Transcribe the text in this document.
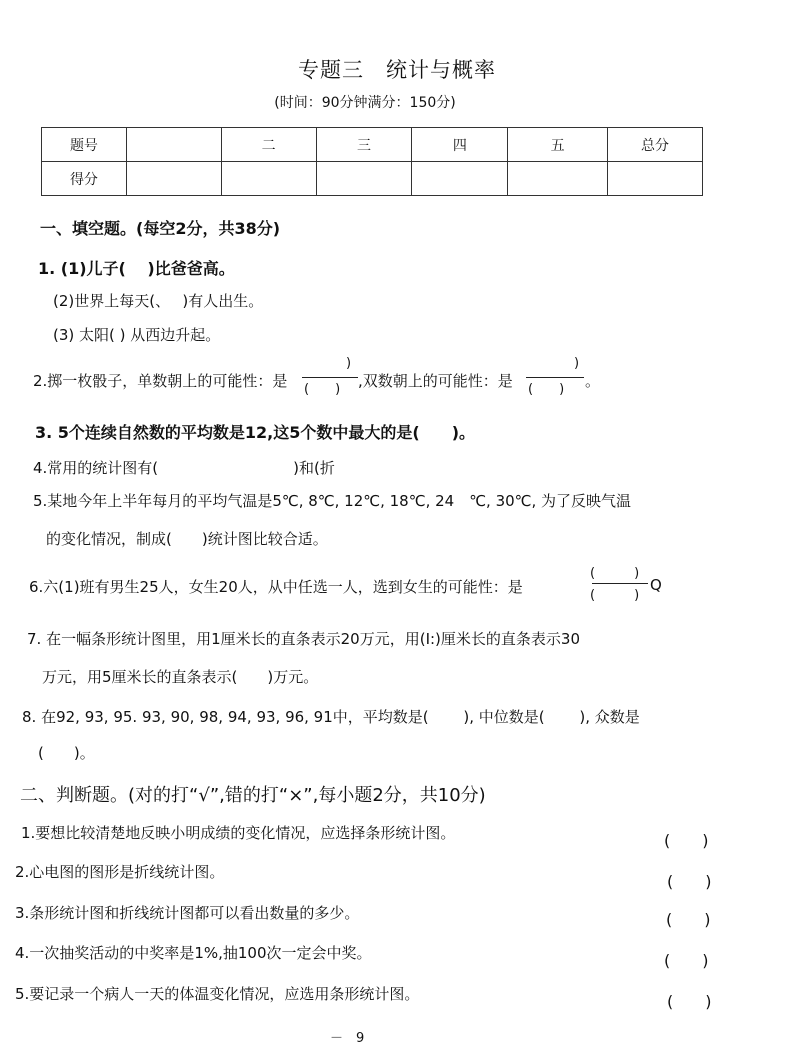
专题三　统计与概率
(时间：90分钟满分：150分)
题号		二	三	四	五	总分
得分						
一、填空题。(每空2分，共38分)
1. (1)儿子(　 )比爸爸高。
(2)世界上每天(、　 )有人出生。
(3) 太阳( ) 从西边升起。
2.掷一枚骰子，单数朝上的可能性：是
)
(　　) ,双数朝上的可能性：是
)
(　　) 。
3. 5个连续自然数的平均数是12,这5个数中最大的是(　　)。
4.常用的统计图有(　　　　　　　　　)和(折
5.某地今年上半年每月的平均气温是5℃, 8℃, 12℃, 18℃, 24　℃, 30℃, 为了反映气温
的变化情况，制成(　　)统计图比较合适。
6.六(1)班有男生25人，女生20人，从中任选一人，选到女生的可能性：是
(　　　)
(　　　)
Q
7. 在一幅条形统计图里，用1厘米长的直条表示20万元，用(I:)厘米长的直条表示30
万元，用5厘米长的直条表示(　　)万元。
8. 在92, 93, 95. 93, 90, 98, 94, 93, 96, 91中，平均数是(　　 ), 中位数是(　　 ), 众数是
(　　)。
二、判断题。(对的打“√”,错的打“×”,每小题2分，共10分)
1.要想比较清楚地反映小明成绩的变化情况，应选择条形统计图。	(　　)
2.心电图的图形是折线统计图。	(　　)
3.条形统计图和折线统计图都可以看出数量的多少。	(　　)
4.一次抽奖活动的中奖率是1%,抽100次一定会中奖。	(　　)
5.要记录一个病人一天的体温变化情况，应选用条形统计图。	(　　)
－　9
